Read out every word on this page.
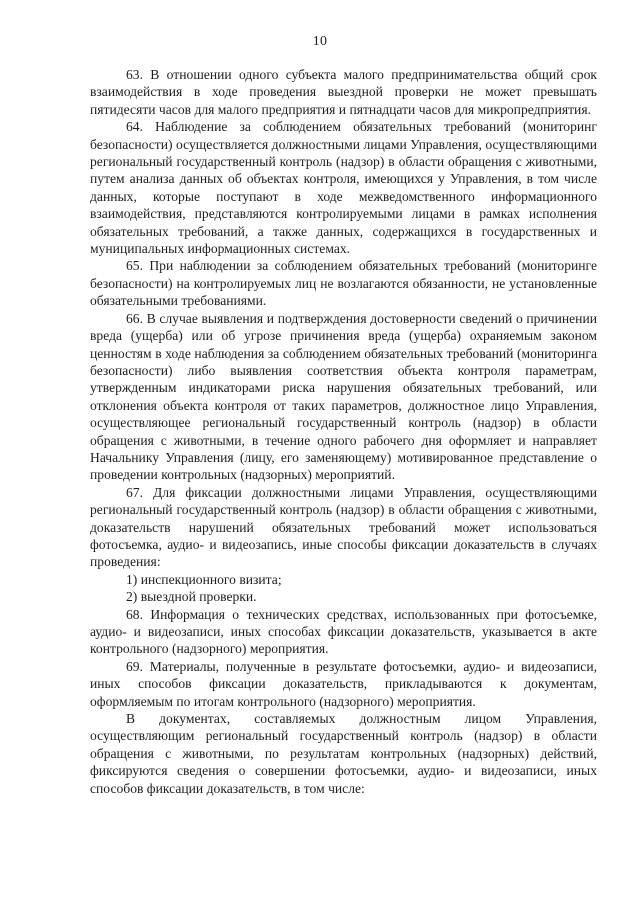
10

63. В отношении одного субъекта малого предпринимательства общий срок взаимодействия в ходе проведения выездной проверки не может превышать пятидесяти часов для малого предприятия и пятнадцати часов для микропредприятия.

64. Наблюдение за соблюдением обязательных требований (мониторинг безопасности) осуществляется должностными лицами Управления, осуществляющими региональный государственный контроль (надзор) в области обращения с животными, путем анализа данных об объектах контроля, имеющихся у Управления, в том числе данных, которые поступают в ходе межведомственного информационного взаимодействия, представляются контролируемыми лицами в рамках исполнения обязательных требований, а также данных, содержащихся в государственных и муниципальных информационных системах.

65. При наблюдении за соблюдением обязательных требований (мониторинге безопасности) на контролируемых лиц не возлагаются обязанности, не установленные обязательными требованиями.

66. В случае выявления и подтверждения достоверности сведений о причинении вреда (ущерба) или об угрозе причинения вреда (ущерба) охраняемым законом ценностям в ходе наблюдения за соблюдением обязательных требований (мониторинга безопасности) либо выявления соответствия объекта контроля параметрам, утвержденным индикаторами риска нарушения обязательных требований, или отклонения объекта контроля от таких параметров, должностное лицо Управления, осуществляющее региональный государственный контроль (надзор) в области обращения с животными, в течение одного рабочего дня оформляет и направляет Начальнику Управления (лицу, его заменяющему) мотивированное представление о проведении контрольных (надзорных) мероприятий.

67. Для фиксации должностными лицами Управления, осуществляющими региональный государственный контроль (надзор) в области обращения с животными, доказательств нарушений обязательных требований может использоваться фотосъемка, аудио- и видеозапись, иные способы фиксации доказательств в случаях проведения:

1) инспекционного визита;

2) выездной проверки.

68. Информация о технических средствах, использованных при фотосъемке, аудио- и видеозаписи, иных способах фиксации доказательств, указывается в акте контрольного (надзорного) мероприятия.

69. Материалы, полученные в результате фотосъемки, аудио- и видеозаписи, иных способов фиксации доказательств, прикладываются к документам, оформляемым по итогам контрольного (надзорного) мероприятия.

В документах, составляемых должностным лицом Управления, осуществляющим региональный государственный контроль (надзор) в области обращения с животными, по результатам контрольных (надзорных) действий, фиксируются сведения о совершении фотосъемки, аудио- и видеозаписи, иных способов фиксации доказательств, в том числе:
